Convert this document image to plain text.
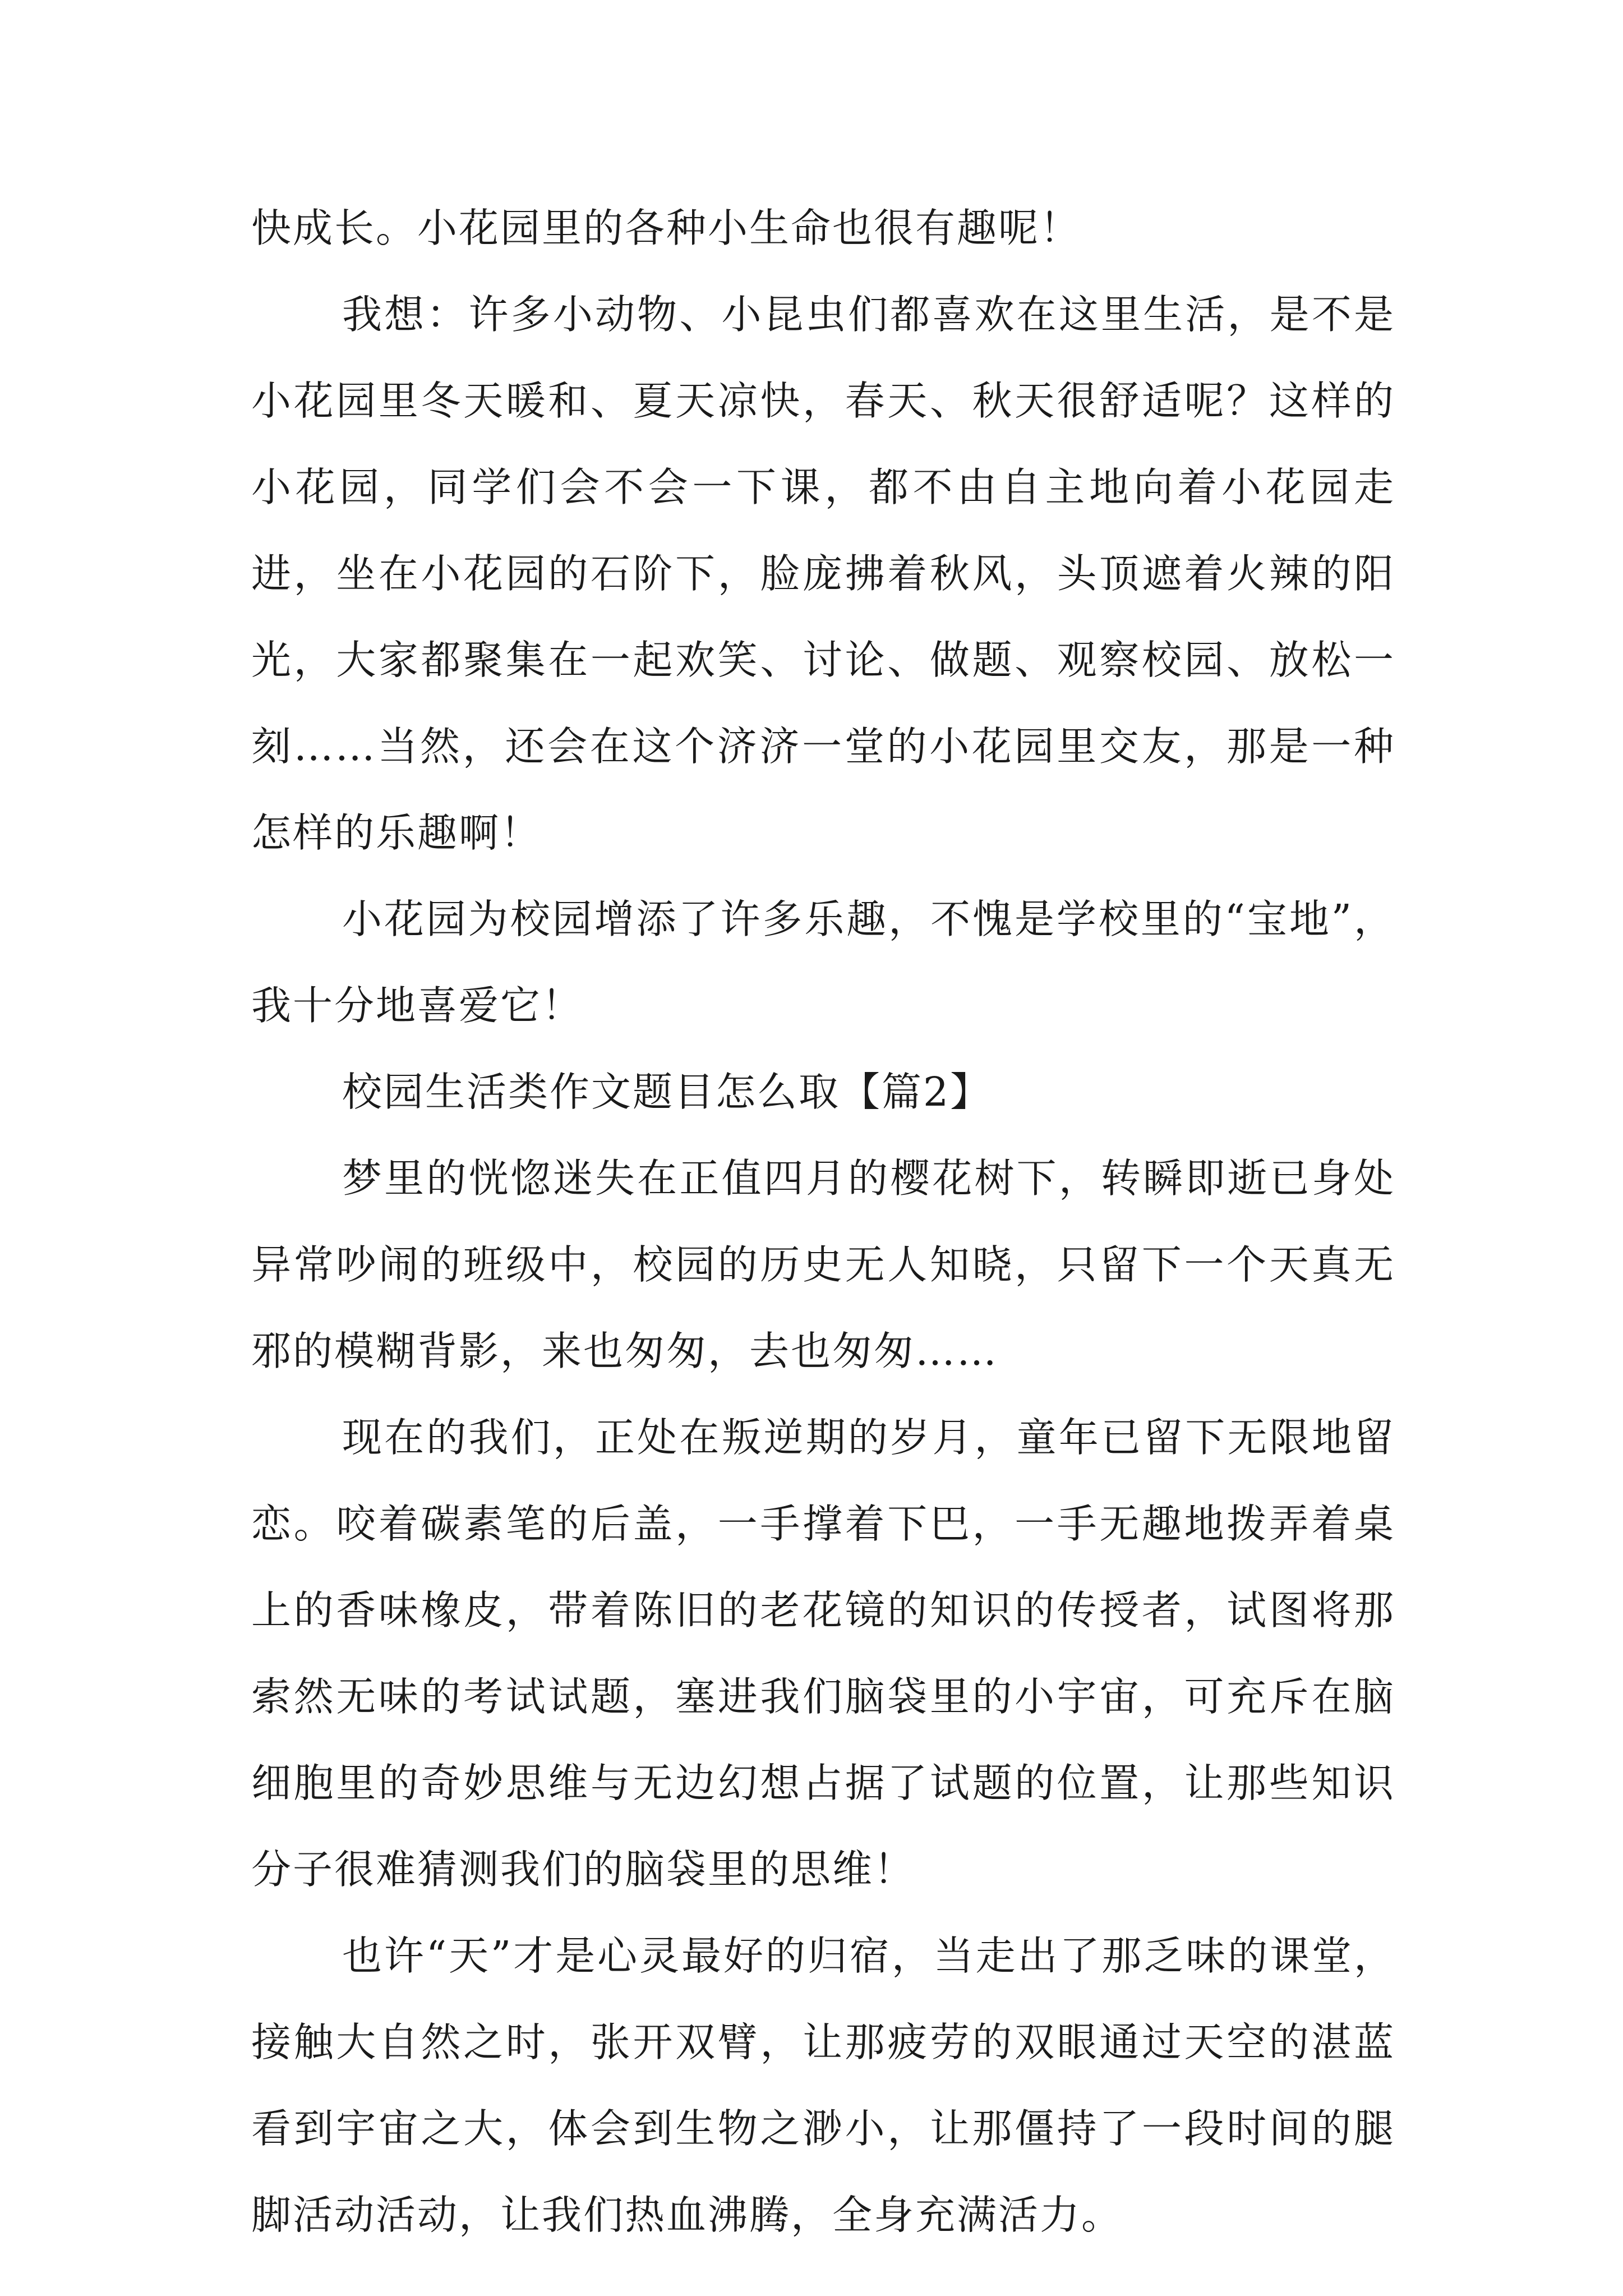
快成长。小花园里的各种小生命也很有趣呢！

我想：许多小动物、小昆虫们都喜欢在这里生活，是不是小花园里冬天暖和、夏天凉快，春天、秋天很舒适呢？这样的小花园，同学们会不会一下课，都不由自主地向着小花园走进，坐在小花园的石阶下，脸庞拂着秋风，头顶遮着火辣的阳光，大家都聚集在一起欢笑、讨论、做题、观察校园、放松一刻……当然，还会在这个济济一堂的小花园里交友，那是一种怎样的乐趣啊！

小花园为校园增添了许多乐趣，不愧是学校里的“宝地”，我十分地喜爱它！

校园生活类作文题目怎么取【篇2】

梦里的恍惚迷失在正值四月的樱花树下，转瞬即逝已身处异常吵闹的班级中，校园的历史无人知晓，只留下一个天真无邪的模糊背影，来也匆匆，去也匆匆……

现在的我们，正处在叛逆期的岁月，童年已留下无限地留恋。咬着碳素笔的后盖，一手撑着下巴，一手无趣地拨弄着桌上的香味橡皮，带着陈旧的老花镜的知识的传授者，试图将那索然无味的考试试题，塞进我们脑袋里的小宇宙，可充斥在脑细胞里的奇妙思维与无边幻想占据了试题的位置，让那些知识分子很难猜测我们的脑袋里的思维！

也许“天”才是心灵最好的归宿，当走出了那乏味的课堂，接触大自然之时，张开双臂，让那疲劳的双眼通过天空的湛蓝看到宇宙之大，体会到生物之渺小，让那僵持了一段时间的腿脚活动活动，让我们热血沸腾，全身充满活力。
